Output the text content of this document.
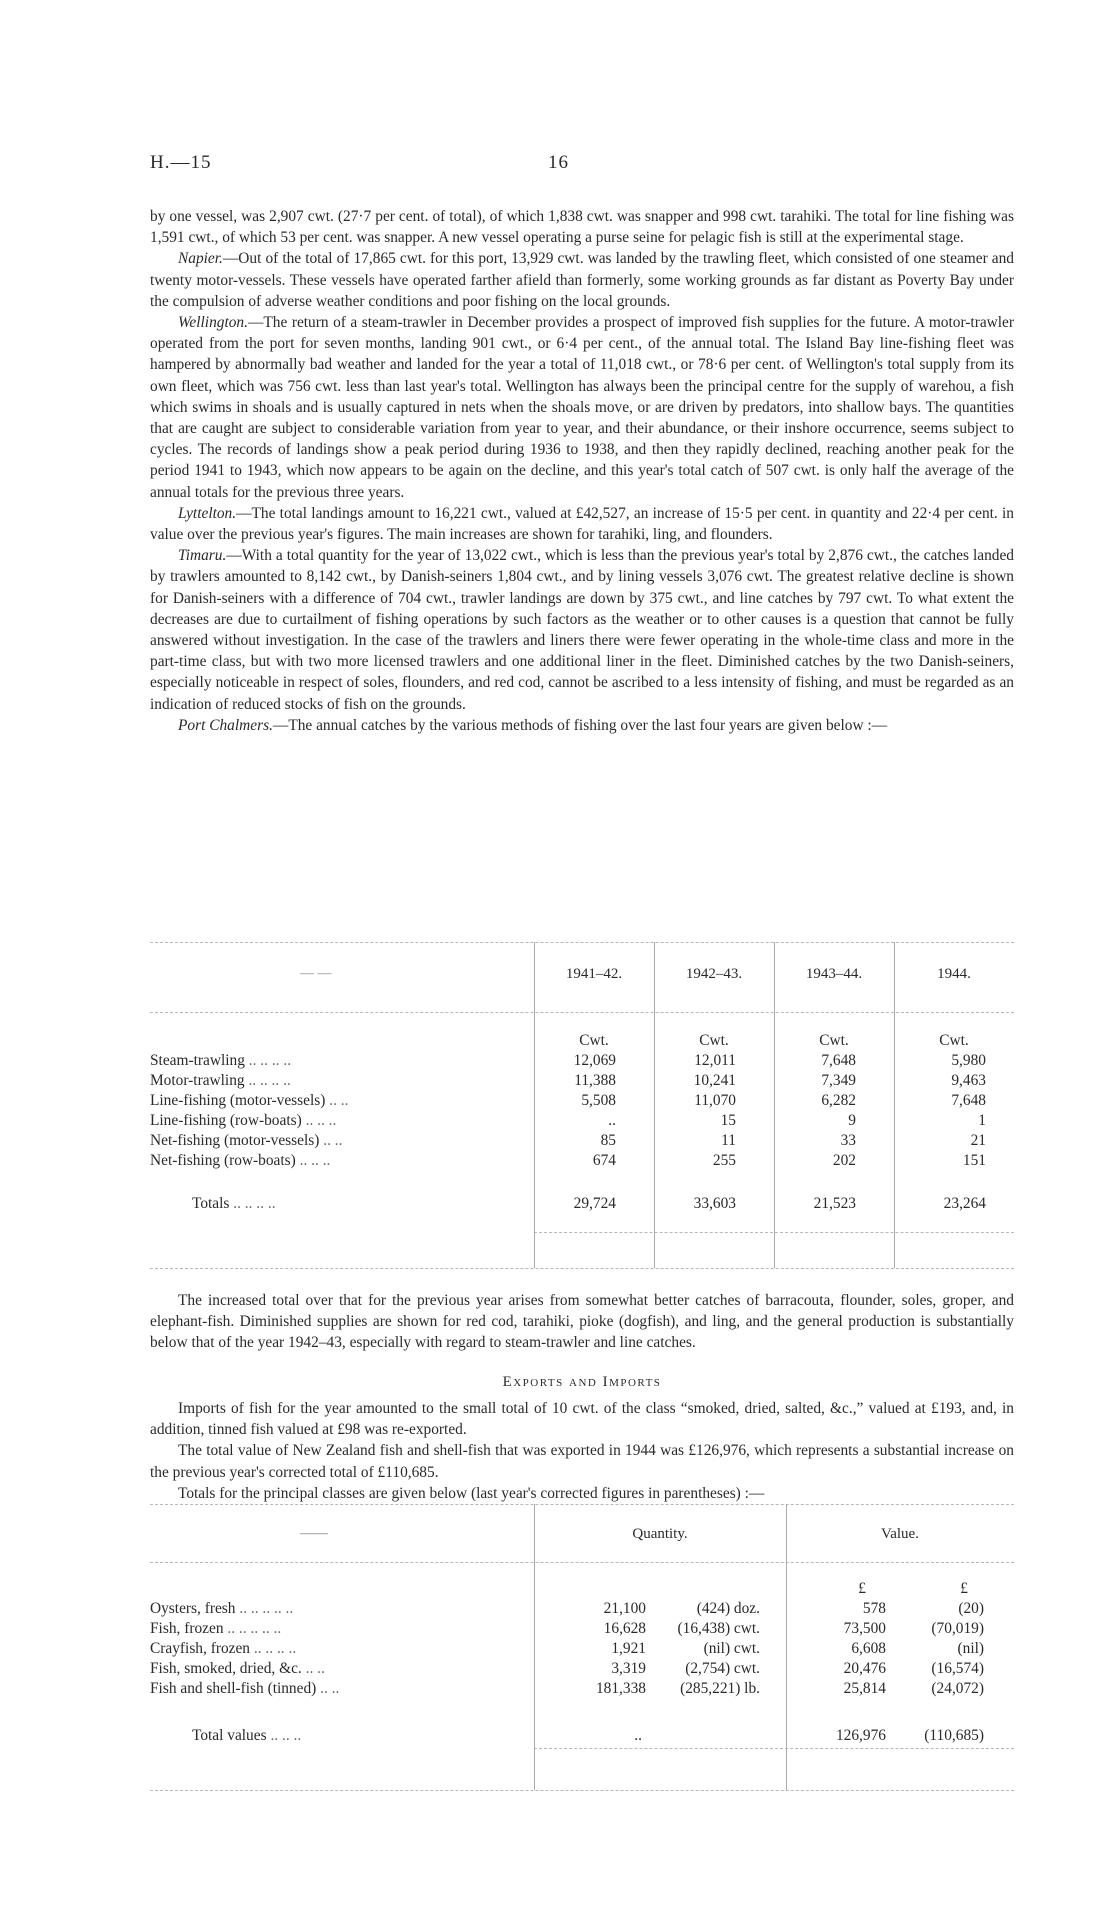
H.—15	16

by one vessel, was 2,907 cwt. (27·7 per cent. of total), of which 1,838 cwt. was snapper and 998 cwt. tarahiki. The total for line fishing was 1,591 cwt., of which 53 per cent. was snapper. A new vessel operating a purse seine for pelagic fish is still at the experimental stage.

Napier.—Out of the total of 17,865 cwt. for this port, 13,929 cwt. was landed by the trawling fleet, which consisted of one steamer and twenty motor-vessels. These vessels have operated farther afield than formerly, some working grounds as far distant as Poverty Bay under the compulsion of adverse weather conditions and poor fishing on the local grounds.

Wellington.—The return of a steam-trawler in December provides a prospect of improved fish supplies for the future. A motor-trawler operated from the port for seven months, landing 901 cwt., or 6·4 per cent., of the annual total. The Island Bay line-fishing fleet was hampered by abnormally bad weather and landed for the year a total of 11,018 cwt., or 78·6 per cent. of Wellington's total supply from its own fleet, which was 756 cwt. less than last year's total. Wellington has always been the principal centre for the supply of warehou, a fish which swims in shoals and is usually captured in nets when the shoals move, or are driven by predators, into shallow bays. The quantities that are caught are subject to considerable variation from year to year, and their abundance, or their inshore occurrence, seems subject to cycles. The records of landings show a peak period during 1936 to 1938, and then they rapidly declined, reaching another peak for the period 1941 to 1943, which now appears to be again on the decline, and this year's total catch of 507 cwt. is only half the average of the annual totals for the previous three years.

Lyttelton.—The total landings amount to 16,221 cwt., valued at £42,527, an increase of 15·5 per cent. in quantity and 22·4 per cent. in value over the previous year's figures. The main increases are shown for tarahiki, ling, and flounders.

Timaru.—With a total quantity for the year of 13,022 cwt., which is less than the previous year's total by 2,876 cwt., the catches landed by trawlers amounted to 8,142 cwt., by Danish-seiners 1,804 cwt., and by lining vessels 3,076 cwt. The greatest relative decline is shown for Danish-seiners with a difference of 704 cwt., trawler landings are down by 375 cwt., and line catches by 797 cwt. To what extent the decreases are due to curtailment of fishing operations by such factors as the weather or to other causes is a question that cannot be fully answered without investigation. In the case of the trawlers and liners there were fewer operating in the whole-time class and more in the part-time class, but with two more licensed trawlers and one additional liner in the fleet. Diminished catches by the two Danish-seiners, especially noticeable in respect of soles, flounders, and red cod, cannot be ascribed to a less intensity of fishing, and must be regarded as an indication of reduced stocks of fish on the grounds.

Port Chalmers.—The annual catches by the various methods of fishing over the last four years are given below :—

— —	1941–42.	1942–43.	1943–44.	1944.
	Cwt.	Cwt.	Cwt.	Cwt.
Steam-trawling .. .. .. ..	12,069	12,011	7,648	5,980
Motor-trawling .. .. .. ..	11,388	10,241	7,349	9,463
Line-fishing (motor-vessels) .. ..	5,508	11,070	6,282	7,648
Line-fishing (row-boats) .. .. ..	..	15	9	1
Net-fishing (motor-vessels) .. ..	85	11	33	21
Net-fishing (row-boats) .. .. ..	674	255	202	151
Totals .. .. .. ..	29,724	33,603	21,523	23,264

The increased total over that for the previous year arises from somewhat better catches of barracouta, flounder, soles, groper, and elephant-fish. Diminished supplies are shown for red cod, tarahiki, pioke (dogfish), and ling, and the general production is substantially below that of the year 1942–43, especially with regard to steam-trawler and line catches.

Exports and Imports

Imports of fish for the year amounted to the small total of 10 cwt. of the class “smoked, dried, salted, &c.,” valued at £193, and, in addition, tinned fish valued at £98 was re-exported.

The total value of New Zealand fish and shell-fish that was exported in 1944 was £126,976, which represents a substantial increase on the previous year's corrected total of £110,685.

Totals for the principal classes are given below (last year's corrected figures in parentheses) :—

——	Quantity.	Value.
			£	£
Oysters, fresh .. .. .. .. ..	21,100	(424) doz.	578	(20)
Fish, frozen .. .. .. .. ..	16,628	(16,438) cwt.	73,500	(70,019)
Crayfish, frozen .. .. .. ..	1,921	(nil) cwt.	6,608	(nil)
Fish, smoked, dried, &c. .. ..	3,319	(2,754) cwt.	20,476	(16,574)
Fish and shell-fish (tinned) .. ..	181,338	(285,221) lb.	25,814	(24,072)
Total values .. .. ..	..		126,976	(110,685)
